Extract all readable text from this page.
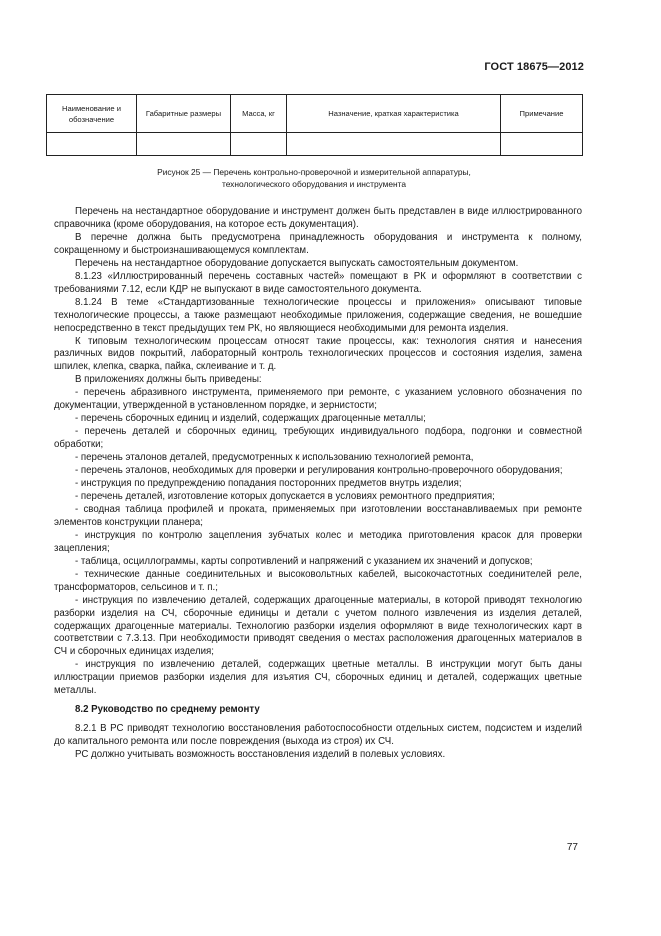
ГОСТ 18675—2012
Наименование и обозначение	Габаритные размеры	Масса, кг	Назначение, краткая характеристика	Примечание

Рисунок 25 — Перечень контрольно-проверочной и измерительной аппаратуры,
технологического оборудования и инструмента

Перечень на нестандартное оборудование и инструмент должен быть представлен в виде иллюстрированного справочника (кроме оборудования, на которое есть документация).

В перечне должна быть предусмотрена принадлежность оборудования и инструмента к полному, сокращенному и быстроизнашивающемуся комплектам.

Перечень на нестандартное оборудование допускается выпускать самостоятельным документом.

8.1.23 «Иллюстрированный перечень составных частей» помещают в РК и оформляют в соответствии с требованиями 7.12, если КДР не выпускают в виде самостоятельного документа.

8.1.24 В теме «Стандартизованные технологические процессы и приложения» описывают типовые технологические процессы, а также размещают необходимые приложения, содержащие сведения, не вошедшие непосредственно в текст предыдущих тем РК, но являющиеся необходимыми для ремонта изделия.

К типовым технологическим процессам относят такие процессы, как: технология снятия и нанесения различных видов покрытий, лабораторный контроль технологических процессов и состояния изделия, замена шпилек, клепка, сварка, пайка, склеивание и т. д.

В приложениях должны быть приведены:

- перечень абразивного инструмента, применяемого при ремонте, с указанием условного обозначения по документации, утвержденной в установленном порядке, и зернистости;

- перечень сборочных единиц и изделий, содержащих драгоценные металлы;

- перечень деталей и сборочных единиц, требующих индивидуального подбора, подгонки и совместной обработки;

- перечень эталонов деталей, предусмотренных к использованию технологией ремонта,

- перечень эталонов, необходимых для проверки и регулирования контрольно-проверочного оборудования;

- инструкция по предупреждению попадания посторонних предметов внутрь изделия;

- перечень деталей, изготовление которых допускается в условиях ремонтного предприятия;

- сводная таблица профилей и проката, применяемых при изготовлении восстанавливаемых при ремонте элементов конструкции планера;

- инструкция по контролю зацепления зубчатых колес и методика приготовления красок для проверки зацепления;

- таблица, осциллограммы, карты сопротивлений и напряжений с указанием их значений и допусков;

- технические данные соединительных и высоковольтных кабелей, высокочастотных соединителей реле, трансформаторов, сельсинов и т. п.;

- инструкция по извлечению деталей, содержащих драгоценные материалы, в которой приводят технологию разборки изделия на СЧ, сборочные единицы и детали с учетом полного извлечения из изделия деталей, содержащих драгоценные материалы. Технологию разборки изделия оформляют в виде технологических карт в соответствии с 7.3.13. При необходимости приводят сведения о местах расположения драгоценных материалов в СЧ и сборочных единицах изделия;

- инструкция по извлечению деталей, содержащих цветные металлы. В инструкции могут быть даны иллюстрации приемов разборки изделия для изъятия СЧ, сборочных единиц и деталей, содержащих цветные металлы.

8.2 Руководство по среднему ремонту

8.2.1 В РС приводят технологию восстановления работоспособности отдельных систем, подсистем и изделий до капитального ремонта или после повреждения (выхода из строя) их СЧ.

РС должно учитывать возможность восстановления изделий в полевых условиях.

77
